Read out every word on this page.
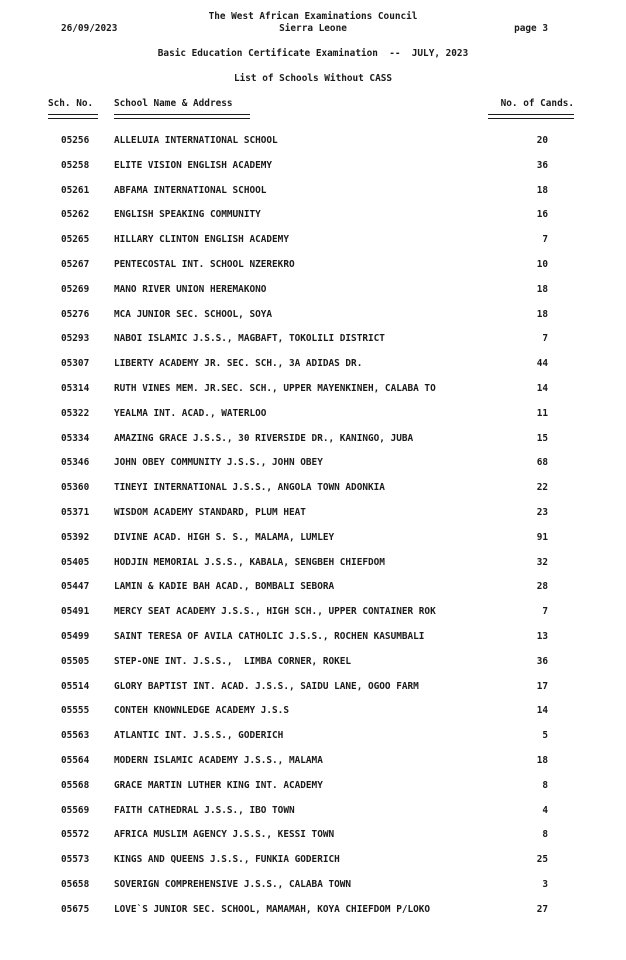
The West African Examinations Council
26/09/2023	Sierra Leone	page 3
Basic Education Certificate Examination  --  JULY, 2023
List of Schools Without CASS
Sch. No. School Name & Address	No. of Cands.
05256	ALLELUIA INTERNATIONAL SCHOOL	20
05258	ELITE VISION ENGLISH ACADEMY	36
05261	ABFAMA INTERNATIONAL SCHOOL	18
05262	ENGLISH SPEAKING COMMUNITY	16
05265	HILLARY CLINTON ENGLISH ACADEMY	7
05267	PENTECOSTAL INT. SCHOOL NZEREKRO	10
05269	MANO RIVER UNION HEREMAKONO	18
05276	MCA JUNIOR SEC. SCHOOL, SOYA	18
05293	NABOI ISLAMIC J.S.S., MAGBAFT, TOKOLILI DISTRICT	7
05307	LIBERTY ACADEMY JR. SEC. SCH., 3A ADIDAS DR.	44
05314	RUTH VINES MEM. JR.SEC. SCH., UPPER MAYENKINEH, CALABA TO	14
05322	YEALMA INT. ACAD., WATERLOO	11
05334	AMAZING GRACE J.S.S., 30 RIVERSIDE DR., KANINGO, JUBA	15
05346	JOHN OBEY COMMUNITY J.S.S., JOHN OBEY	68
05360	TINEYI INTERNATIONAL J.S.S., ANGOLA TOWN ADONKIA	22
05371	WISDOM ACADEMY STANDARD, PLUM HEAT	23
05392	DIVINE ACAD. HIGH S. S., MALAMA, LUMLEY	91
05405	HODJIN MEMORIAL J.S.S., KABALA, SENGBEH CHIEFDOM	32
05447	LAMIN & KADIE BAH ACAD., BOMBALI SEBORA	28
05491	MERCY SEAT ACADEMY J.S.S., HIGH SCH., UPPER CONTAINER ROK	7
05499	SAINT TERESA OF AVILA CATHOLIC J.S.S., ROCHEN KASUMBALI	13
05505	STEP-ONE INT. J.S.S.,  LIMBA CORNER, ROKEL	36
05514	GLORY BAPTIST INT. ACAD. J.S.S., SAIDU LANE, OGOO FARM	17
05555	CONTEH KNOWNLEDGE ACADEMY J.S.S	14
05563	ATLANTIC INT. J.S.S., GODERICH	5
05564	MODERN ISLAMIC ACADEMY J.S.S., MALAMA	18
05568	GRACE MARTIN LUTHER KING INT. ACADEMY	8
05569	FAITH CATHEDRAL J.S.S., IBO TOWN	4
05572	AFRICA MUSLIM AGENCY J.S.S., KESSI TOWN	8
05573	KINGS AND QUEENS J.S.S., FUNKIA GODERICH	25
05658	SOVERIGN COMPREHENSIVE J.S.S., CALABA TOWN	3
05675	LOVE`S JUNIOR SEC. SCHOOL, MAMAMAH, KOYA CHIEFDOM P/LOKO	27
